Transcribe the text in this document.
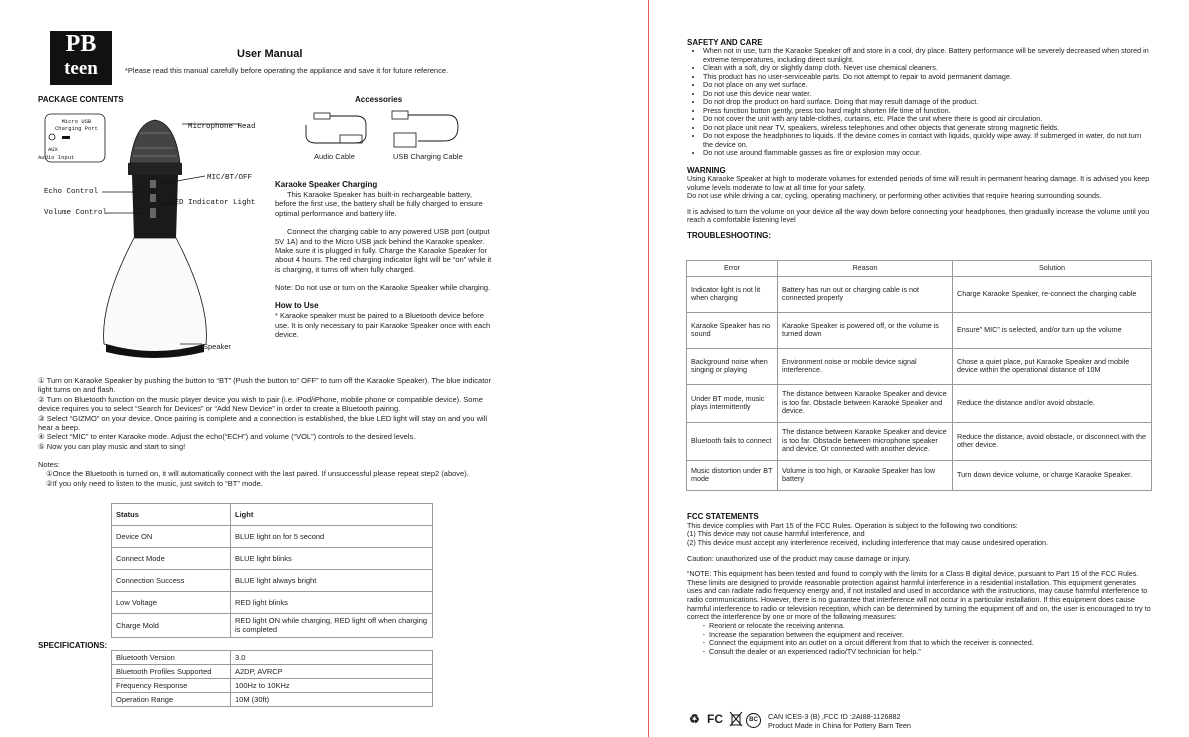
PB
teen
User Manual
*Please read this manual carefully before operating the appliance and save it for future reference.
PACKAGE CONTENTS	Accessories
Micro USB
Charging Port
AUX
Audio Input
Microphone Head
MIC/BT/OFF
Echo Control
LED Indicator Light
Volume Control
Speaker
Audio Cable	USB Charging Cable
Karaoke Speaker Charging

This Karaoke Speaker has built-in rechargeable battery, before the first use, the battery shall be fully charged to ensure optimal performance and battery life.

Connect the charging cable to any powered USB port (output 5V 1A) and to the Micro USB jack behind the Karaoke speaker. Make sure it is plugged in fully. Charge the Karaoke Speaker for about 4 hours. The red charging indicator light will be “on” while it is charging, it turns off when fully charged.

Note: Do not use or turn on the Karaoke Speaker while charging.

How to Use

* Karaoke speaker must be paired to a Bluetooth device before use. It is only necessary to pair Karaoke Speaker once with each device.

① Turn on Karaoke Speaker by pushing the button to “BT” (Push the button to” OFF” to turn off the Karaoke Speaker). The blue indicator light turns on and flash.

② Turn on Bluetooth function on the music player device you wish to pair (i.e. iPod/iPhone, mobile phone or compatible device). Some device requires you to select “Search for Devices” or “Add New Device” in order to create a Bluetooth pairing.

③ Select “GIZMO” on your device. Once pairing is complete and a connection is established, the blue LED light will stay on and you will hear a beep.

④ Select “MIC” to enter Karaoke mode. Adjust the echo(“ECH”) and volume (“VOL”) controls to the desired levels.

⑤ Now you can play music and start to sing!

Notes:

①Once the Bluetooth is turned on, it will automatically connect with the last paired. If unsuccessful please repeat step2 (above).

②If you only need to listen to the music, just switch to “BT” mode.

Status	Light
Device ON	BLUE light on for 5 second
Connect Mode	BLUE light blinks
Connection Success	BLUE light always bright
Low Voltage	RED light blinks
Charge Mold	RED light ON while charging, RED light off when charging is completed
SPECIFICATIONS:
Bluetooth Version	3.0
Bluetooth Profiles Supported	A2DP, AVRCP
Frequency Response	100Hz to 10KHz
Operation Range	10M (30ft)
SAFETY AND CARE
• When not in use, turn the Karaoke Speaker off and store in a cool, dry place. Battery performance will be severely decreased when stored in extreme temperatures, including direct sunlight.
• Clean with a soft, dry or slightly damp cloth. Never use chemical cleaners.
• This product has no user-serviceable parts. Do not attempt to repair to avoid permanent damage.
• Do not place on any wet surface.
• Do not use this device near water.
• Do not drop the product on hard surface. Doing that may result damage of the product.
• Press function button gently, press too hard might shorten life time of function.
• Do not cover the unit with any table-clothes, curtains, etc. Place the unit where there is good air circulation.
• Do not place unit near TV, speakers, wireless telephones and other objects that generate strong magnetic fields.
• Do not expose the headphones to liquids. If the device comes in contact with liquids, quickly wipe away. If submerged in water, do not turn the device on.
• Do not use around flammable gasses as fire or explosion may occur.
WARNING

Using Karaoke Speaker at high to moderate volumes for extended periods of time will result in permanent hearing damage. It is advised you keep volume levels moderate to low at all time for your safety.

Do not use while driving a car, cycling, operating machinery, or performing other activities that require hearing surrounding sounds.

It is advised to turn the volume on your device all the way down before connecting your headphones, then gradually increase the volume until you reach a comfortable listening level

TROUBLESHOOTING:
Error	Reason	Solution
Indicator light is not lit when charging	Battery has run out or charging cable is not connected properly	Charge Karaoke Speaker, re-connect the charging cable
Karaoke Speaker has no sound	Karaoke Speaker is powered off, or the volume is turned down	Ensure” MIC” is selected, and/or turn up the volume
Background noise when singing or playing	Environment noise or mobile device signal interference.	Chose a quiet place, put Karaoke Speaker and mobile device within the operational distance of 10M
Under BT mode, music plays intermittently	The distance between Karaoke Speaker and device is too far. Obstacle between Karaoke Speaker and device.	Reduce the distance and/or avoid obstacle.
Bluetooth fails to connect	The distance between Karaoke Speaker and device is too far. Obstacle between microphone speaker and device. Or connected with another device.	Reduce the distance, avoid obstacle, or disconnect with the other device.
Music distortion under BT mode	Volume is too high, or Karaoke Speaker has low battery	Turn down device volume, or charge Karaoke Speaker.
FCC STATEMENTS

This device complies with Part 15 of the FCC Rules. Operation is subject to the following two conditions:

(1) This device may not cause harmful interference, and

(2) This device must accept any interference received, including interference that may cause undesired operation.

Caution: unauthorized use of the product may cause damage or injury.

“NOTE: This equipment has been tested and found to comply with the limits for a Class B digital device, pursuant to Part 15 of the FCC Rules. These limits are designed to provide reasonable protection against harmful interference in a residential installation. This equipment generates uses and can radiate radio frequency energy and, if not installed and used in accordance with the instructions, may cause harmful interference to radio communications. However, there is no guarantee that interference will not occur in a particular installation. If this equipment does cause harmful interference to radio or television reception, which can be determined by turning the equipment off and on, the user is encouraged to try to correct the interference by one or more of the following measures:

- Reorient or relocate the receiving antenna.
- Increase the separation between the equipment and receiver.
- Connect the equipment into an outlet on a circuit different from that to which the receiver is connected.
- Consult the dealer or an experienced radio/TV technician for help.”
♻ FC	BC	CAN ICES-3 (B) ,FCC ID :2AI88-1126882
Product Made in China for Pottery Barn Teen
